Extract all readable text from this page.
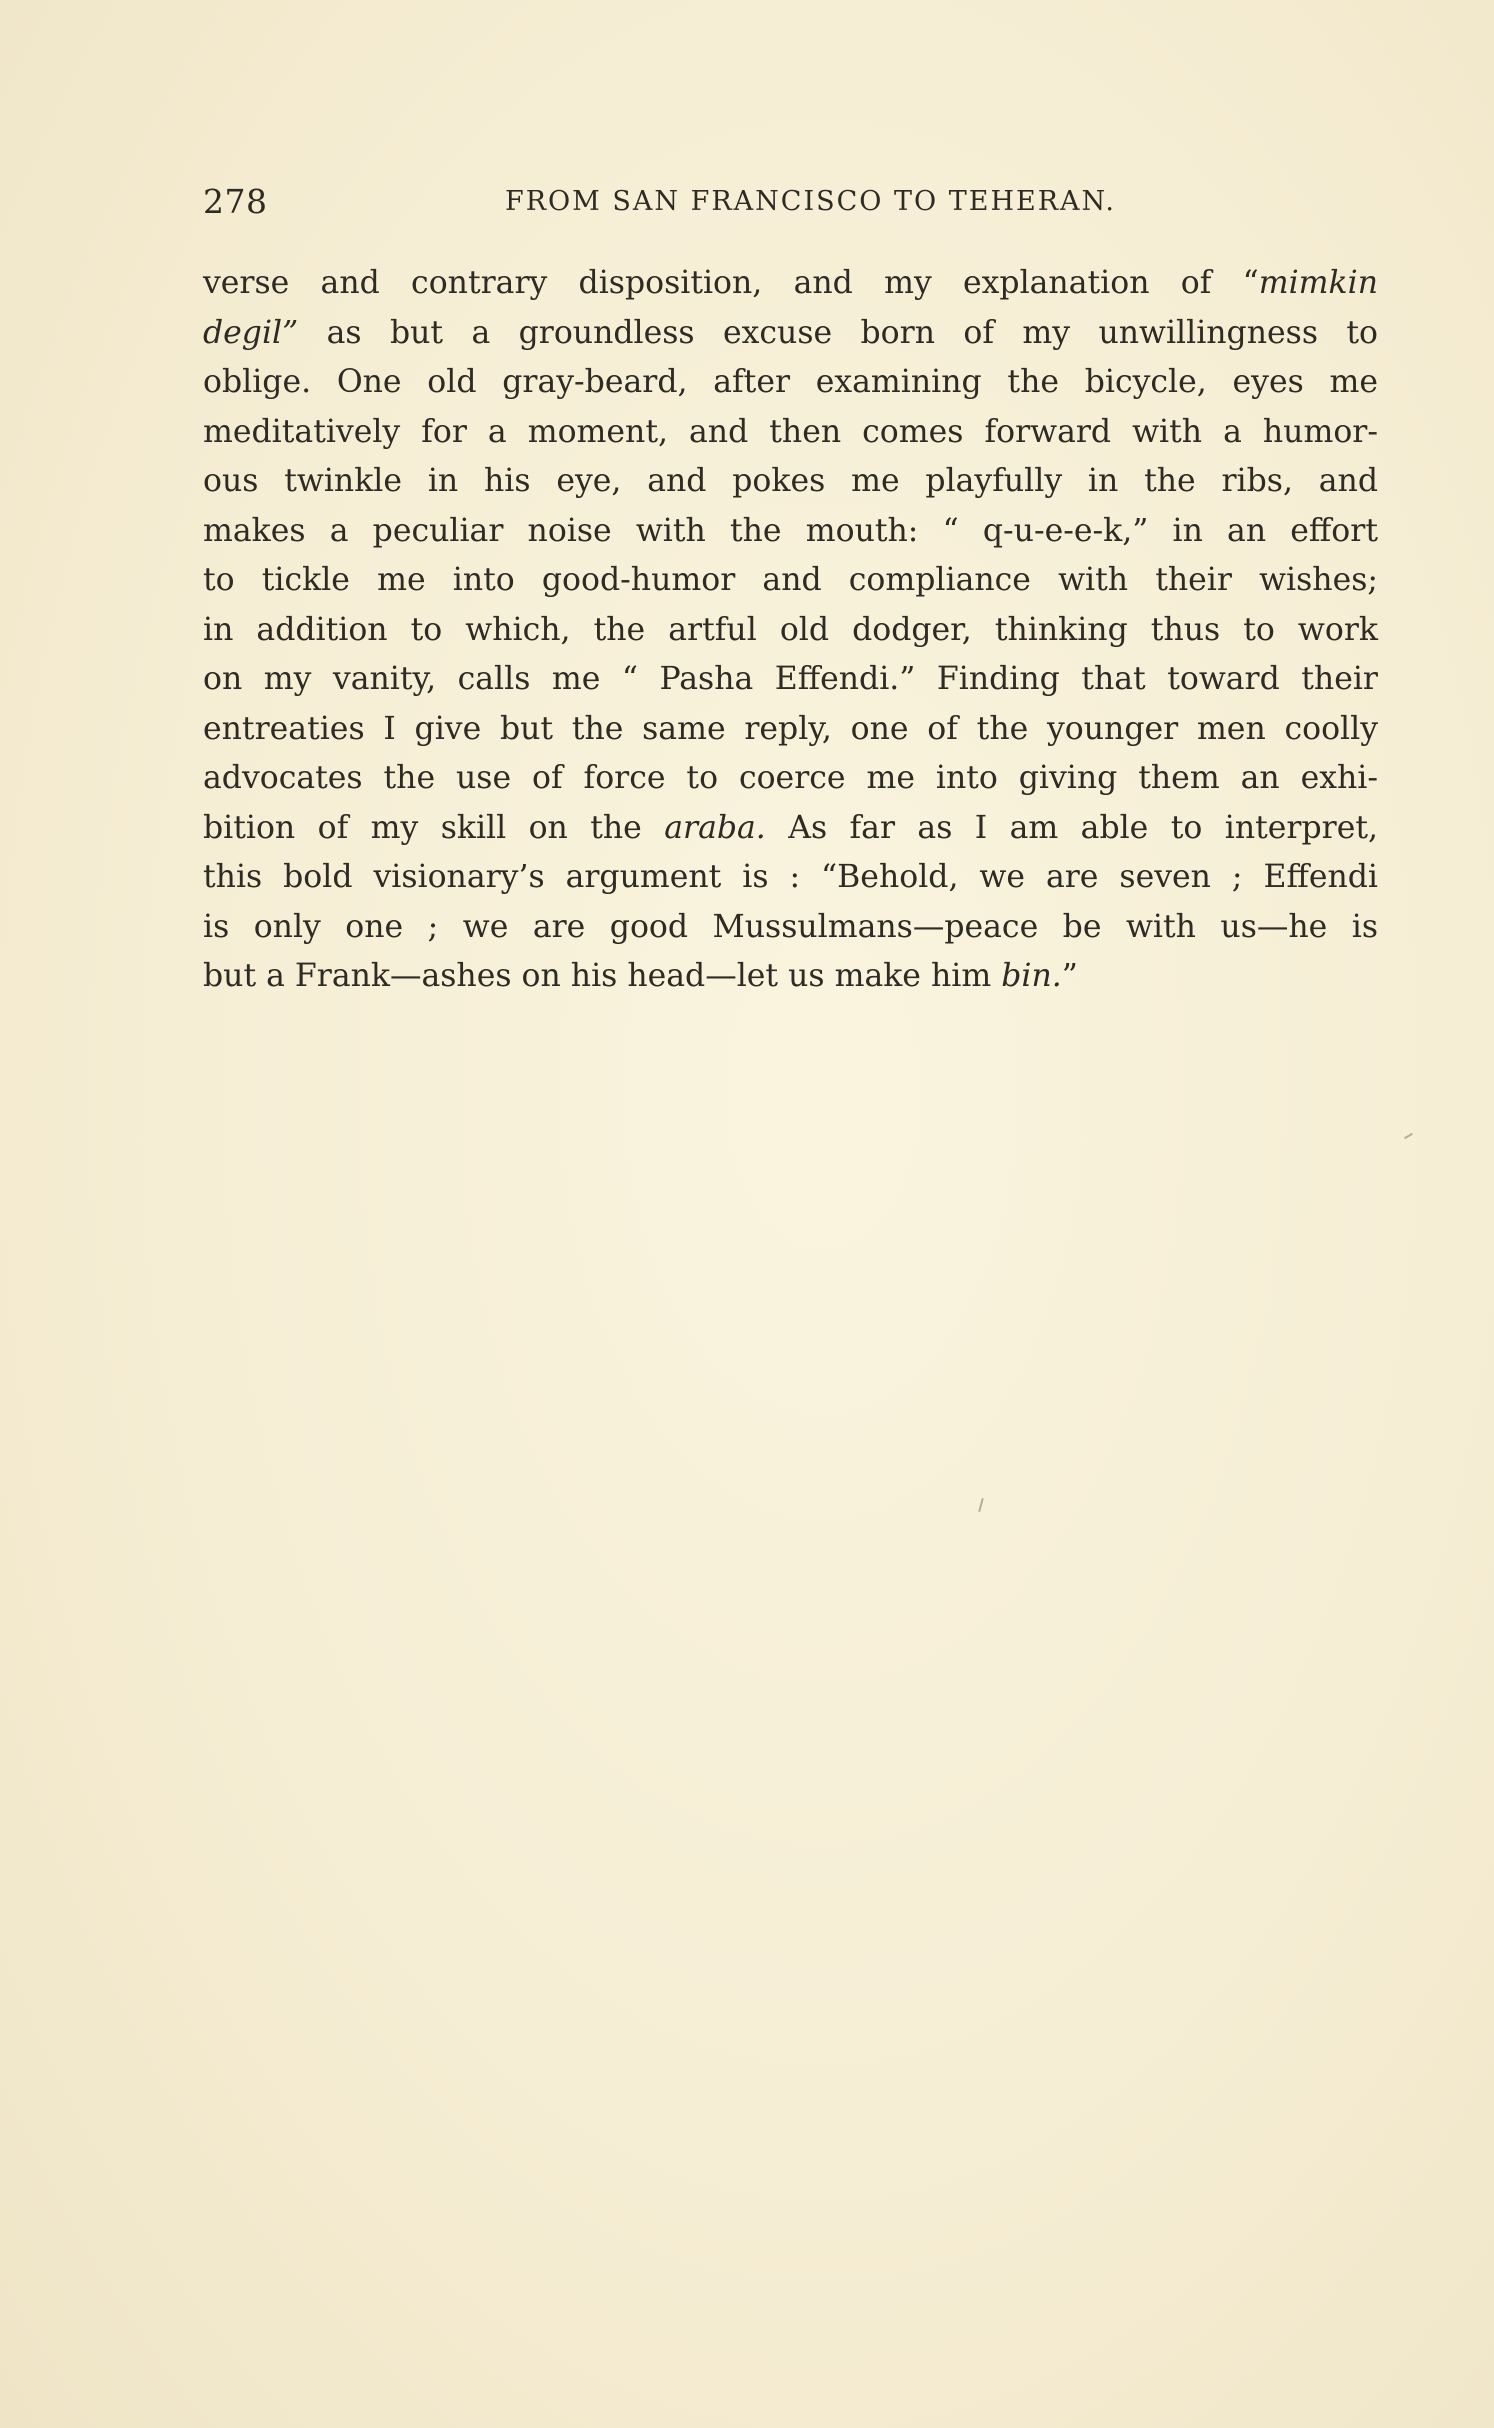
278	FROM SAN FRANCISCO TO TEHERAN.
verse and contrary disposition, and my explanation of “mimkin
degil” as but a groundless excuse born of my unwillingness to
oblige. One old gray-beard, after examining the bicycle, eyes me
meditatively for a moment, and then comes forward with a humor-
ous twinkle in his eye, and pokes me playfully in the ribs, and
makes a peculiar noise with the mouth: “ q-u-e-e-k,” in an effort
to tickle me into good-humor and compliance with their wishes;
in addition to which, the artful old dodger, thinking thus to work
on my vanity, calls me “ Pasha Effendi.” Finding that toward their
entreaties I give but the same reply, one of the younger men coolly
advocates the use of force to coerce me into giving them an exhi-
bition of my skill on the araba. As far as I am able to interpret,
this bold visionary’s argument is : “Behold, we are seven ; Effendi
is only one ; we are good Mussulmans—peace be with us—he is
but a Frank—ashes on his head—let us make him bin.”
